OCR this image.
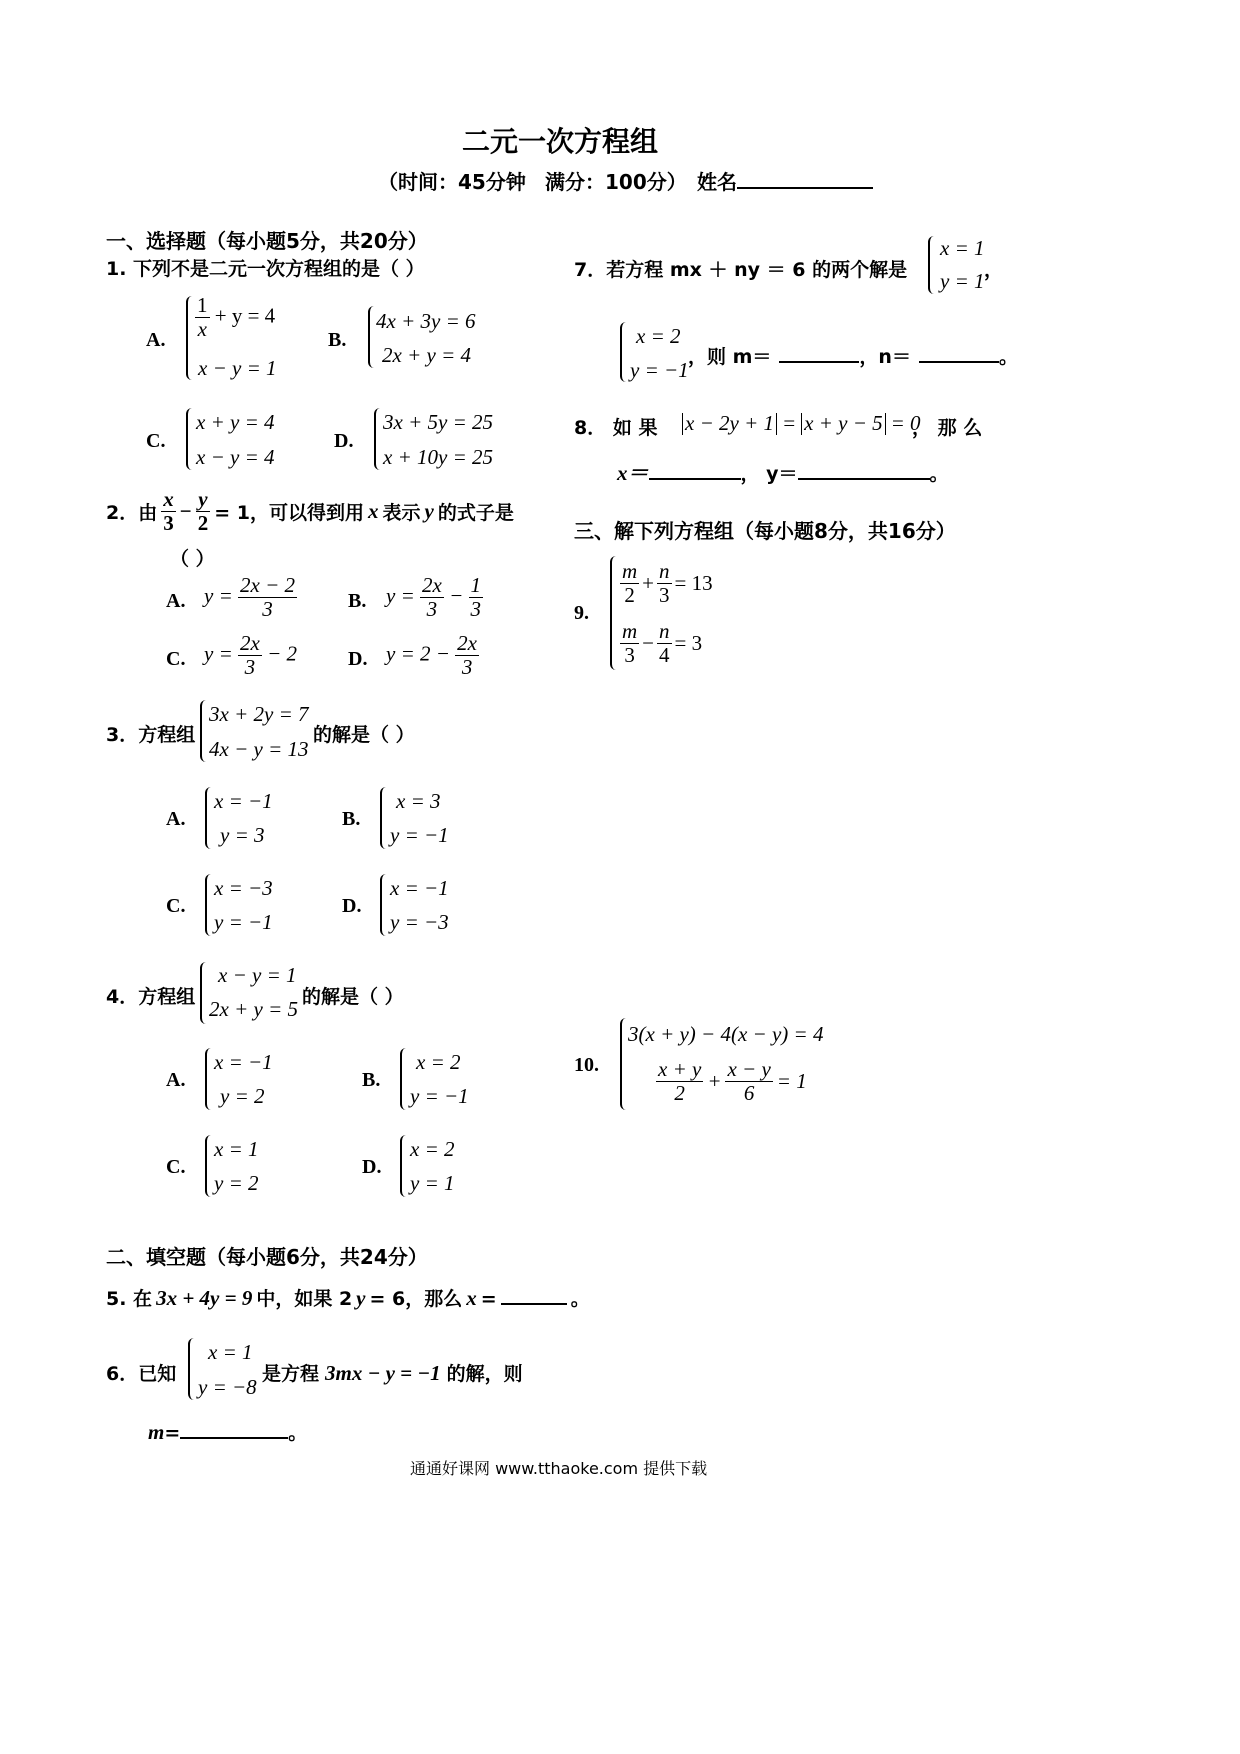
二元一次方程组
（时间：45分钟 满分：100分） 姓名
一、选择题（每小题5分，共20分）
1. 下列不是二元一次方程组的是（ ）
A. $\frac{1}{x} + y = 4$
x − y = 1
B.
4x + 3y = 6
2x + y = 4
C.
x + y = 4
x − y = 4
D.
3x + 5y = 25
x + 10y = 25
2．由 $\frac{x}{3} - \frac{y}{2} = 1$，可以得到用 x 表示 y 的式子是
（ ）
A. $y = \frac{2x - 2}{3}$	B. $y = \frac{2x}{3} - \frac{1}{3}$
C. $y = \frac{2x}{3} - 2$	D. $y = 2 - \frac{2x}{3}$
3．方程组
3x + 2y = 7
4x − y = 13
的解是（ ）
A.
x = −1
y = 3
B.
x = 3
y = −1
C.
x = −3
y = −1
D.
x = −1
y = −3
4．方程组
x − y = 1
2x + y = 5 的解是（ ）
A.
x = −1
y = 2
B.
x = 2
y = −1
C.
x = 1
y = 2
D.
x = 2
y = 1
二、填空题（每小题6分，共24分）
5. 在 3x + 4y = 9 中，如果 2 y = 6，那么 x =	。
6．已知
x = 1
y = −8
是方程 3mx − y = −1 的解，则
m =	。
7．若方程 mx ＋ ny ＝ 6 的两个解是
x = 1
y = 1 ，
x = 2
y = −1
，则 m＝	，n＝	。
8． 如 果 x − 2y + 1 = x + y − 5 = 0
， 那 么
x＝	， y＝	。
三、解下列方程组（每小题8分，共16分）
9.
$\frac{m}{2} + \frac{n}{3} = 13$
$\frac{m}{3} - \frac{n}{4} = 3$
10.
3(x + y) − 4(x − y) = 4
$\frac{x + y}{2} + \frac{x - y}{6} = 1$
通通好课网 www.tthaoke.com 提供下载
